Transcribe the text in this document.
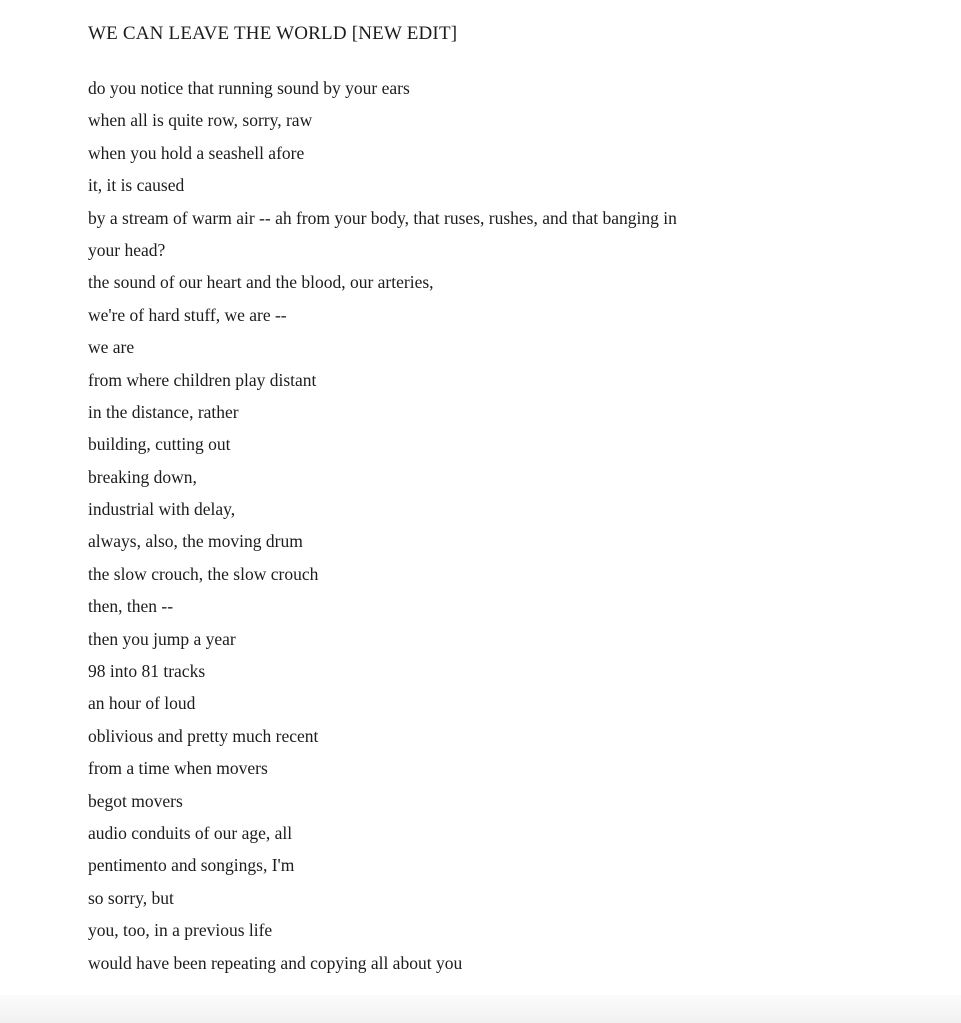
WE CAN LEAVE THE WORLD [NEW EDIT]
do you notice that running sound by your ears
when all is quite row, sorry, raw
when you hold a seashell afore
it, it is caused
by a stream of warm air -- ah from your body, that ruses, rushes, and that banging in
your head?
the sound of our heart and the blood, our arteries,
we're of hard stuff, we are --
we are
from where children play distant
in the distance, rather
building, cutting out
breaking down,
industrial with delay,
always, also, the moving drum
the slow crouch, the slow crouch
then, then --
then you jump a year
98 into 81 tracks
an hour of loud
oblivious and pretty much recent
from a time when movers
begot movers
audio conduits of our age, all
pentimento and songings, I'm
so sorry, but
you, too, in a previous life
would have been repeating and copying all about you
